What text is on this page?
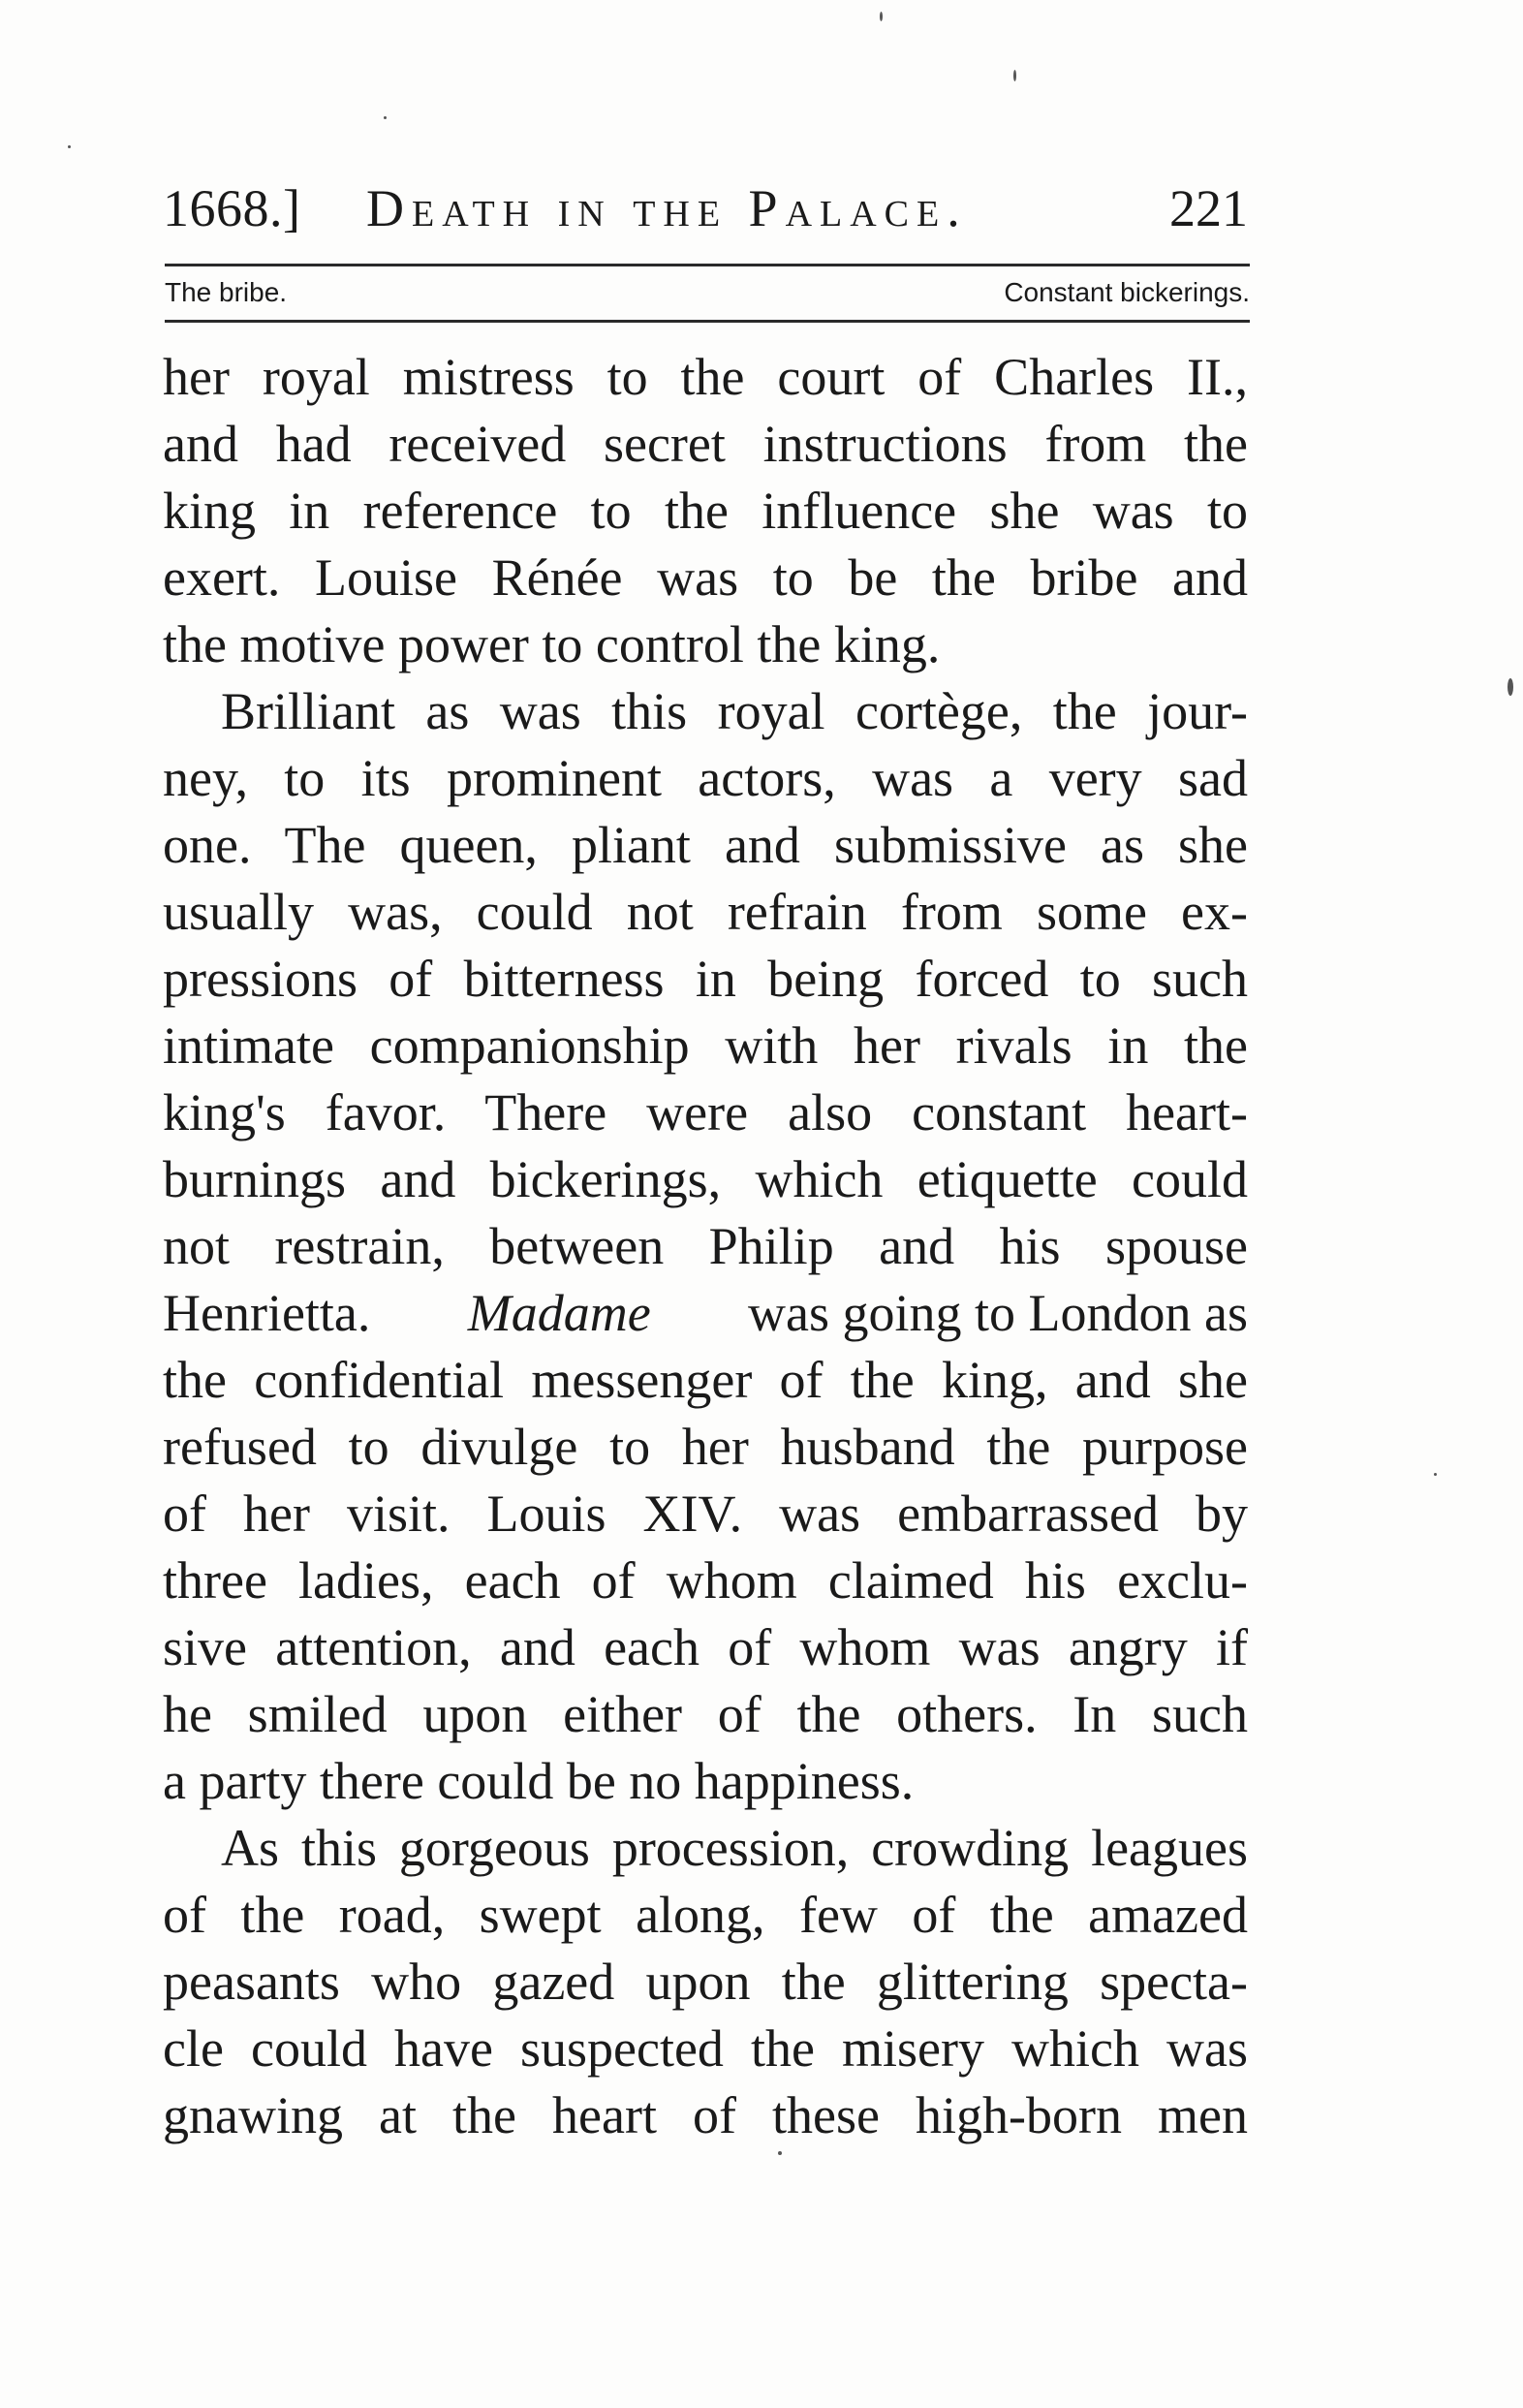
1668.] Death in the Palace.	221
The bribe.	Constant bickerings.
her royal mistress to the court of Charles II.,
and had received secret instructions from the
king in reference to the influence she was to
exert. Louise Rénée was to be the bribe and
the motive power to control the king.
Brilliant as was this royal cortège, the jour-
ney, to its prominent actors, was a very sad
one. The queen, pliant and submissive as she
usually was, could not refrain from some ex-
pressions of bitterness in being forced to such
intimate companionship with her rivals in the
king's favor. There were also constant heart-
burnings and bickerings, which etiquette could
not restrain, between Philip and his spouse
Henrietta. Madame was going to London as
the confidential messenger of the king, and she
refused to divulge to her husband the purpose
of her visit. Louis XIV. was embarrassed by
three ladies, each of whom claimed his exclu-
sive attention, and each of whom was angry if
he smiled upon either of the others. In such
a party there could be no happiness.
As this gorgeous procession, crowding leagues
of the road, swept along, few of the amazed
peasants who gazed upon the glittering specta-
cle could have suspected the misery which was
gnawing at the heart of these high-born men
